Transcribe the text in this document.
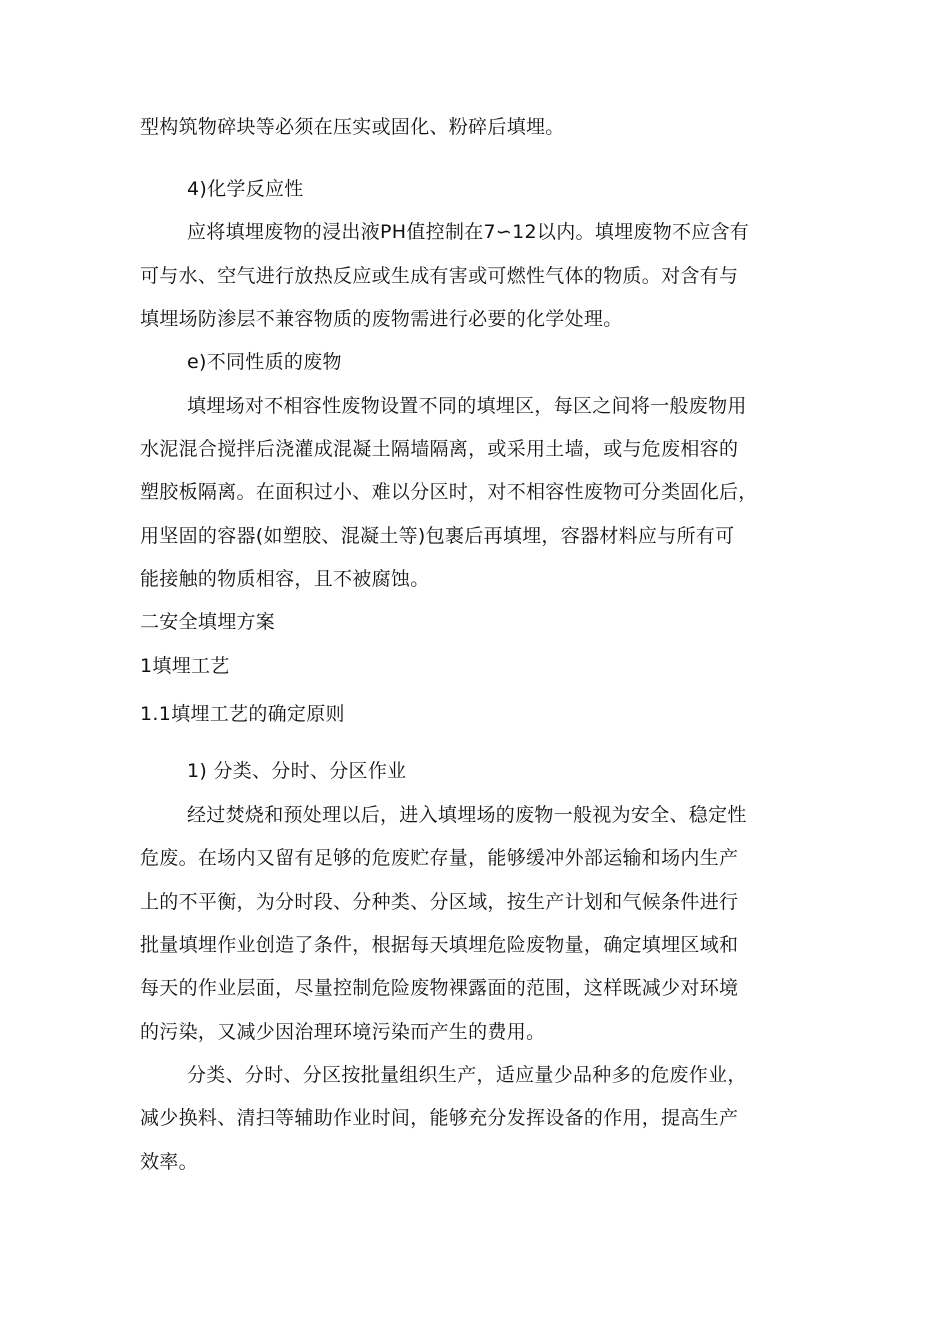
型构筑物碎块等必须在压实或固化、粉碎后填埋。
4)化学反应性
应将填埋废物的浸出液PH值控制在7∽12以内。填埋废物不应含有
可与水、空气进行放热反应或生成有害或可燃性气体的物质。对含有与
填埋场防渗层不兼容物质的废物需进行必要的化学处理。
e)不同性质的废物
填埋场对不相容性废物设置不同的填埋区，每区之间将一般废物用
水泥混合搅拌后浇灌成混凝土隔墙隔离，或采用土墙，或与危废相容的
塑胶板隔离。在面积过小、难以分区时，对不相容性废物可分类固化后，
用坚固的容器(如塑胶、混凝土等)包裹后再填埋，容器材料应与所有可
能接触的物质相容，且不被腐蚀。
二安全填埋方案
1填埋工艺
1.1填埋工艺的确定原则
1) 分类、分时、分区作业
经过焚烧和预处理以后，进入填埋场的废物一般视为安全、稳定性
危废。在场内又留有足够的危废贮存量，能够缓冲外部运输和场内生产
上的不平衡，为分时段、分种类、分区域，按生产计划和气候条件进行
批量填埋作业创造了条件，根据每天填埋危险废物量，确定填埋区域和
每天的作业层面，尽量控制危险废物裸露面的范围，这样既减少对环境
的污染，又减少因治理环境污染而产生的费用。
分类、分时、分区按批量组织生产，适应量少品种多的危废作业，
减少换料、清扫等辅助作业时间，能够充分发挥设备的作用，提高生产
效率。
